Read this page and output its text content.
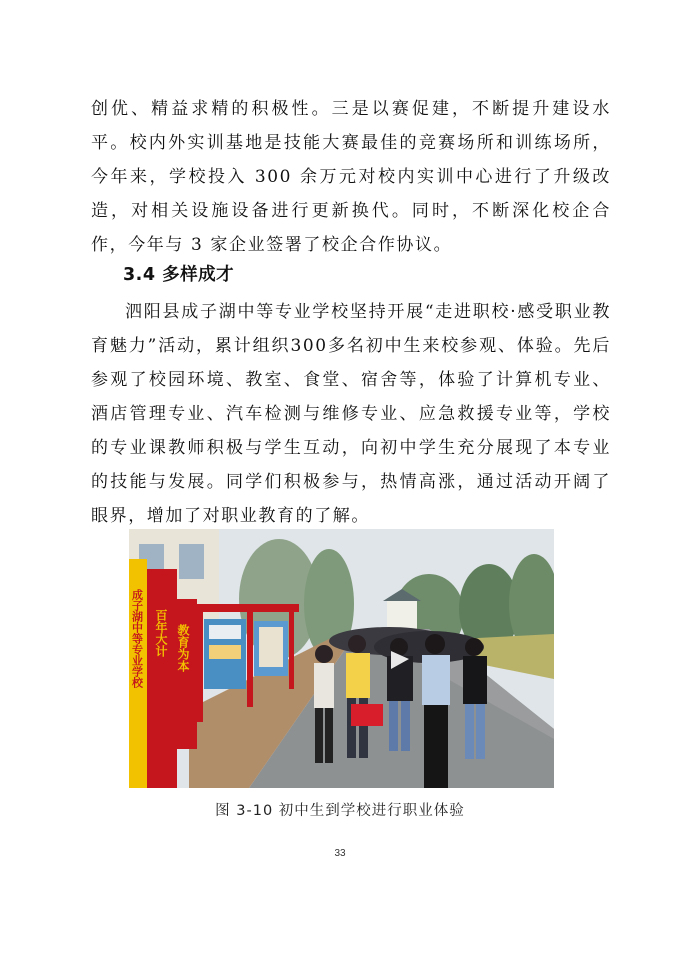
创优、精益求精的积极性。三是以赛促建，不断提升建设水平。校内外实训基地是技能大赛最佳的竞赛场所和训练场所，今年来，学校投入 300 余万元对校内实训中心进行了升级改造，对相关设施设备进行更新换代。同时，不断深化校企合作，今年与 3 家企业签署了校企合作协议。

3.4 多样成才

泗阳县成子湖中等专业学校坚持开展“走进职校·感受职业教育魅力”活动，累计组织300多名初中生来校参观、体验。先后参观了校园环境、教室、食堂、宿舍等，体验了计算机专业、酒店管理专业、汽车检测与维修专业、应急救援专业等，学校的专业课教师积极与学生互动，向初中学生充分展现了本专业的技能与发展。同学们积极参与，热情高涨，通过活动开阔了眼界，增加了对职业教育的了解。

成子湖中等专业学校 百年大计 教育为本
图 3-10 初中生到学校进行职业体验
33
